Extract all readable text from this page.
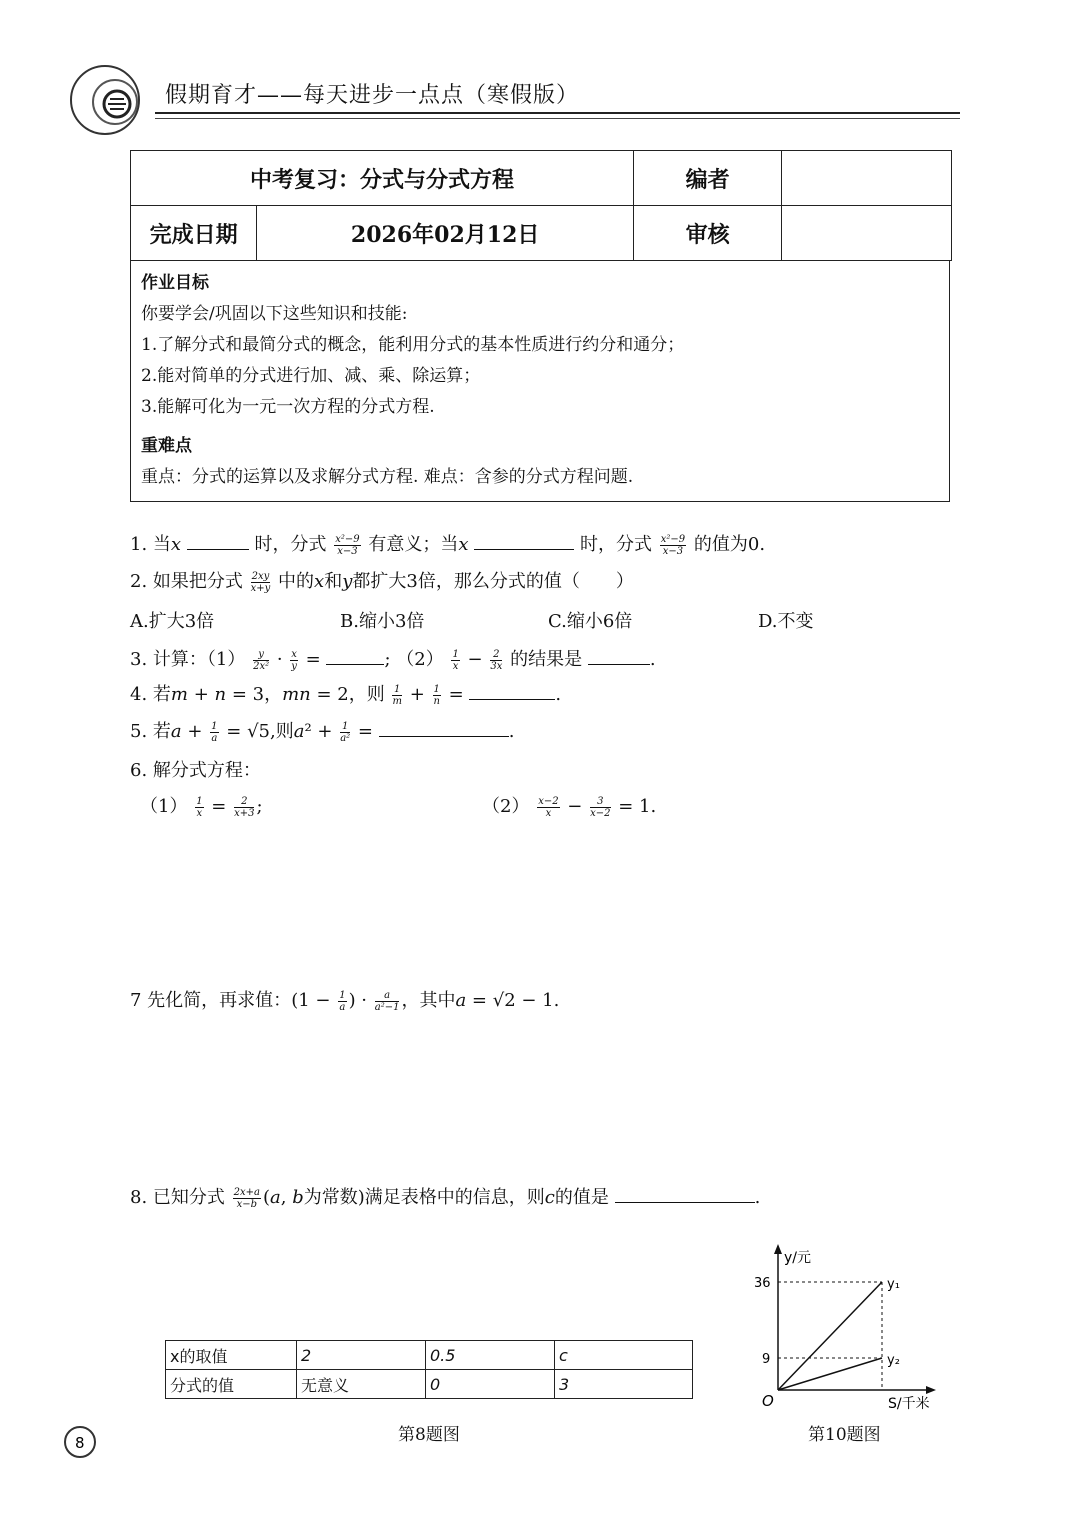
假期育才——每天进步一点点（寒假版）
中考复习：分式与分式方程		编者	
完成日期	2026年02月12日	审核	
作业目标
你要学会/巩固以下这些知识和技能:
1.了解分式和最简分式的概念，能利用分式的基本性质进行约分和通分；
2.能对简单的分式进行加、减、乘、除运算；
3.能解可化为一元一次方程的分式方程.
重难点
重点：分式的运算以及求解分式方程. 难点：含参的分式方程问题.
1. 当x	时，分式 $\frac{\text{x²−9}}{x-3}$ 有意义；当x	时，分式 $\frac{\text{x²−9}}{x-3}$ 的值为0.
2. 如果把分式 $\frac{2xy}{x+y}$ 中的x和y都扩大3倍，那么分式的值（　　）
A.扩大3倍	B.缩小3倍	C.缩小6倍	D.不变
3. 计算：$(1) \frac{y}{\text{2x²}} \cdot \frac{x}{y}$ =	; $(2) \frac{1}{x} - \frac{2}{3x}$ 的结果是	.
4. 若m + n = 3，mn = 2，则 $\frac{1}{m} + \frac{1}{n}$ =	.
5. 若$a + \frac{1}{a} = √5$,则$a^2 + \frac{1}{\text{a²}}$ =	.
6. 解分式方程：
$(1) \frac{1}{x} = \frac{2}{x+3}$ ;	$(2) \frac{x-2}{x} - \frac{3}{x-2} = 1$.
7 先化简，再求值：($1 - \frac{1}{a}$ ) · $\frac{a}{\text{a²−1}}$ ，其中a = √2 − 1.
8. 已知分式 $\frac{2x+a}{x-b} (a$, b为常数)满足表格中的信息，则c的值是	.
x的取值	2	0.5	c
分式的值	无意义	0	3
第8题图
y/元
S/千米
O
36
9
y₁
y₂
第10题图
8
